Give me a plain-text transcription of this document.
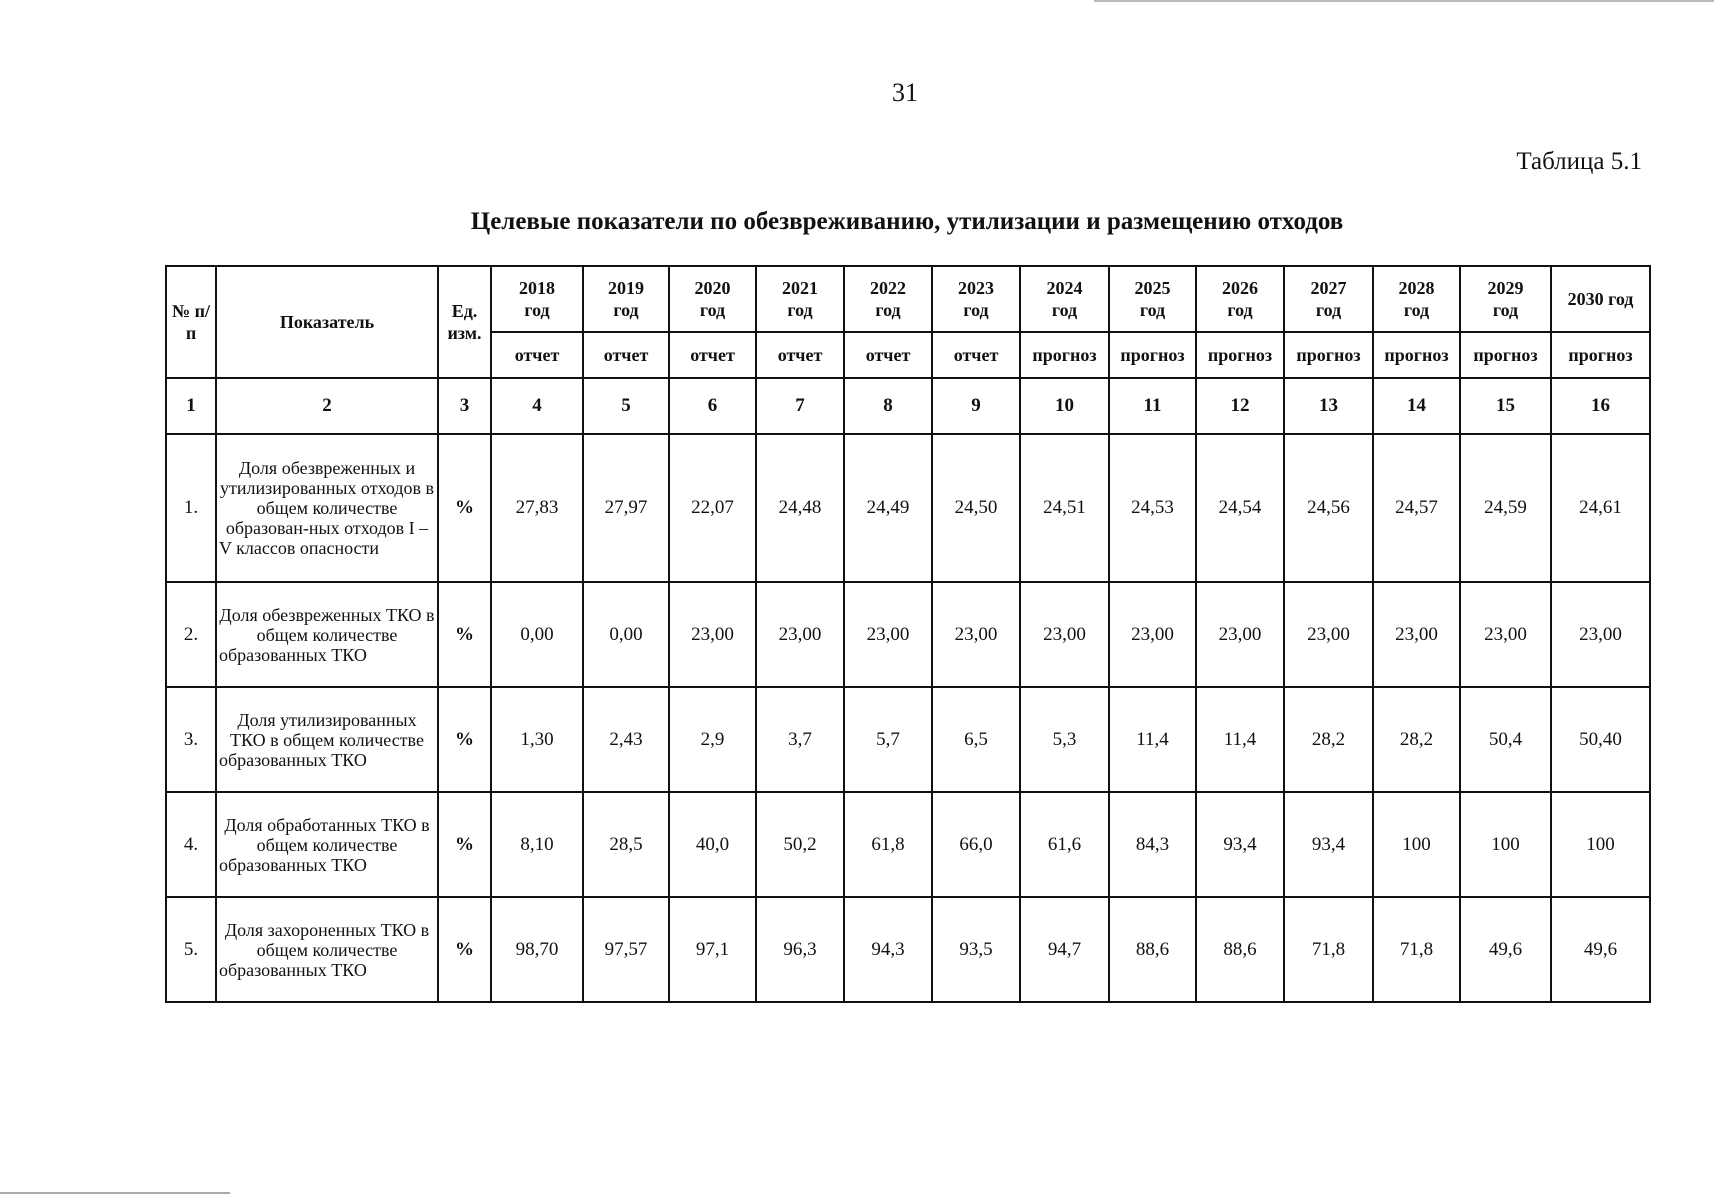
31
Таблица 5.1
Целевые показатели по обезвреживанию, утилизации и размещению отходов
№ п/п	Показатель	Ед. изм.	2018 год	2019 год	2020 год	2021 год	2022 год	2023 год	2024 год	2025 год	2026 год	2027 год	2028 год	2029 год	2030 год
			отчет	отчет	отчет	отчет	отчет	отчет	прогноз	прогноз	прогноз	прогноз	прогноз	прогноз	прогноз
1	2	3	4	5	6	7	8	9	10	11	12	13	14	15	16
1.	Доля обезвреженных и утилизированных отходов в общем количестве образован-ных отходов I – V классов опасности	%	27,83	27,97	22,07	24,48	24,49	24,50	24,51	24,53	24,54	24,56	24,57	24,59	24,61
2.	Доля обезвреженных ТКО в общем количестве образованных ТКО	%	0,00	0,00	23,00	23,00	23,00	23,00	23,00	23,00	23,00	23,00	23,00	23,00	23,00
3.	Доля утилизированных ТКО в общем количестве образованных ТКО	%	1,30	2,43	2,9	3,7	5,7	6,5	5,3	11,4	11,4	28,2	28,2	50,4	50,40
4.	Доля обработанных ТКО в общем количестве образованных ТКО	%	8,10	28,5	40,0	50,2	61,8	66,0	61,6	84,3	93,4	93,4	100	100	100
5.	Доля захороненных ТКО в общем количестве образованных ТКО	%	98,70	97,57	97,1	96,3	94,3	93,5	94,7	88,6	88,6	71,8	71,8	49,6	49,6
